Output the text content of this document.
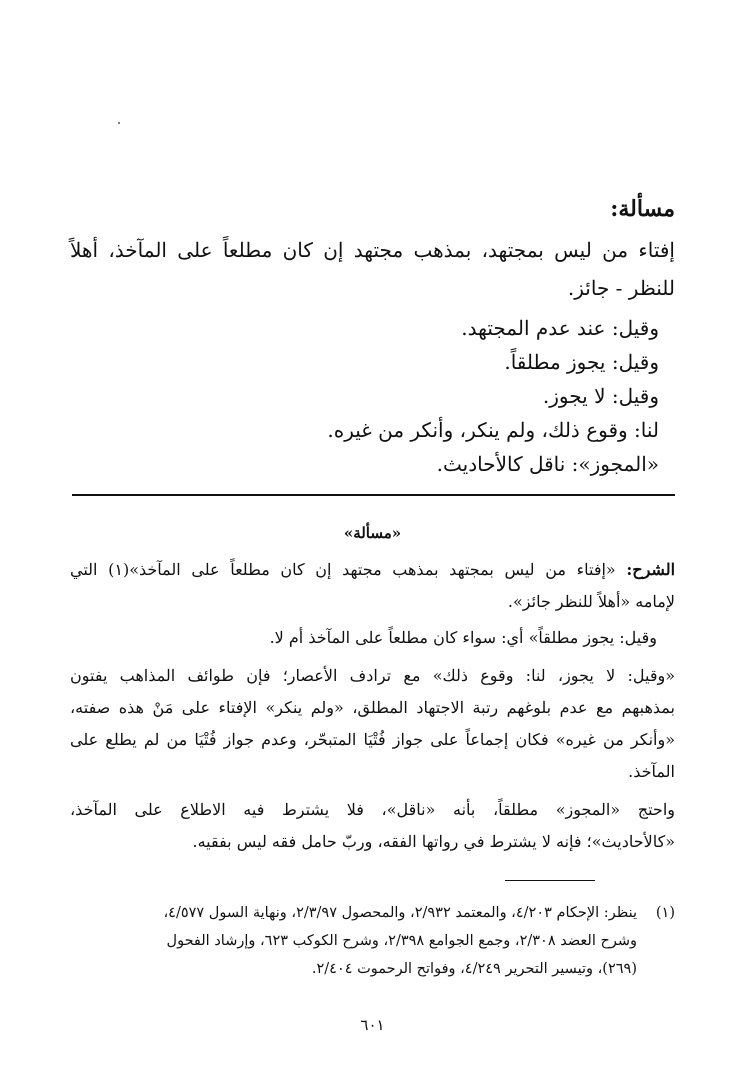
مسألة:
إفتاء من ليس بمجتهد، بمذهب مجتهد إن كان مطلعاً على المآخذ، أهلاً
للنظر - جائز.
وقيل: عند عدم المجتهد.
وقيل: يجوز مطلقاً.
وقيل: لا يجوز.
لنا: وقوع ذلك، ولم ينكر، وأنكر من غيره.
«المجوز»: ناقل كالأحاديث.
«مسألة»
الشرح: «إفتاء من ليس بمجتهد بمذهب مجتهد إن كان مطلعاً على المآخذ»(١) التي
لإمامه «أهلاً للنظر جائز».
وقيل: يجوز مطلقاً» أي: سواء كان مطلعاً على المآخذ أم لا.
«وقيل: لا يجوز، لنا: وقوع ذلك» مع ترادف الأعصار؛ فإن طوائف المذاهب يفتون
بمذهبهم مع عدم بلوغهم رتبة الاجتهاد المطلق، «ولم ينكر» الإفتاء على مَنْ هذه صفته،
«وأنكر من غيره» فكان إجماعاً على جواز فُتْيَا المتبحّر، وعدم جواز فُتْيَا من لم يطلع على
المآخذ.
واحتج «المجوز» مطلقاً، بأنه «ناقل»، فلا يشترط فيه الاطلاع على المآخذ،
«كالأحاديث»؛ فإنه لا يشترط في رواتها الفقه، وربّ حامل فقه ليس بفقيه.
(١)
ينظر: الإحكام ٤/٢٠٣، والمعتمد ٢/٩٣٢، والمحصول ٢/٣/٩٧، ونهاية السول ٤/٥٧٧،
وشرح العضد ٢/٣٠٨، وجمع الجوامع ٢/٣٩٨، وشرح الكوكب ٦٢٣، وإرشاد الفحول
(٢٦٩)، وتيسير التحرير ٤/٢٤٩، وفواتح الرحموت ٢/٤٠٤.
٦٠١
